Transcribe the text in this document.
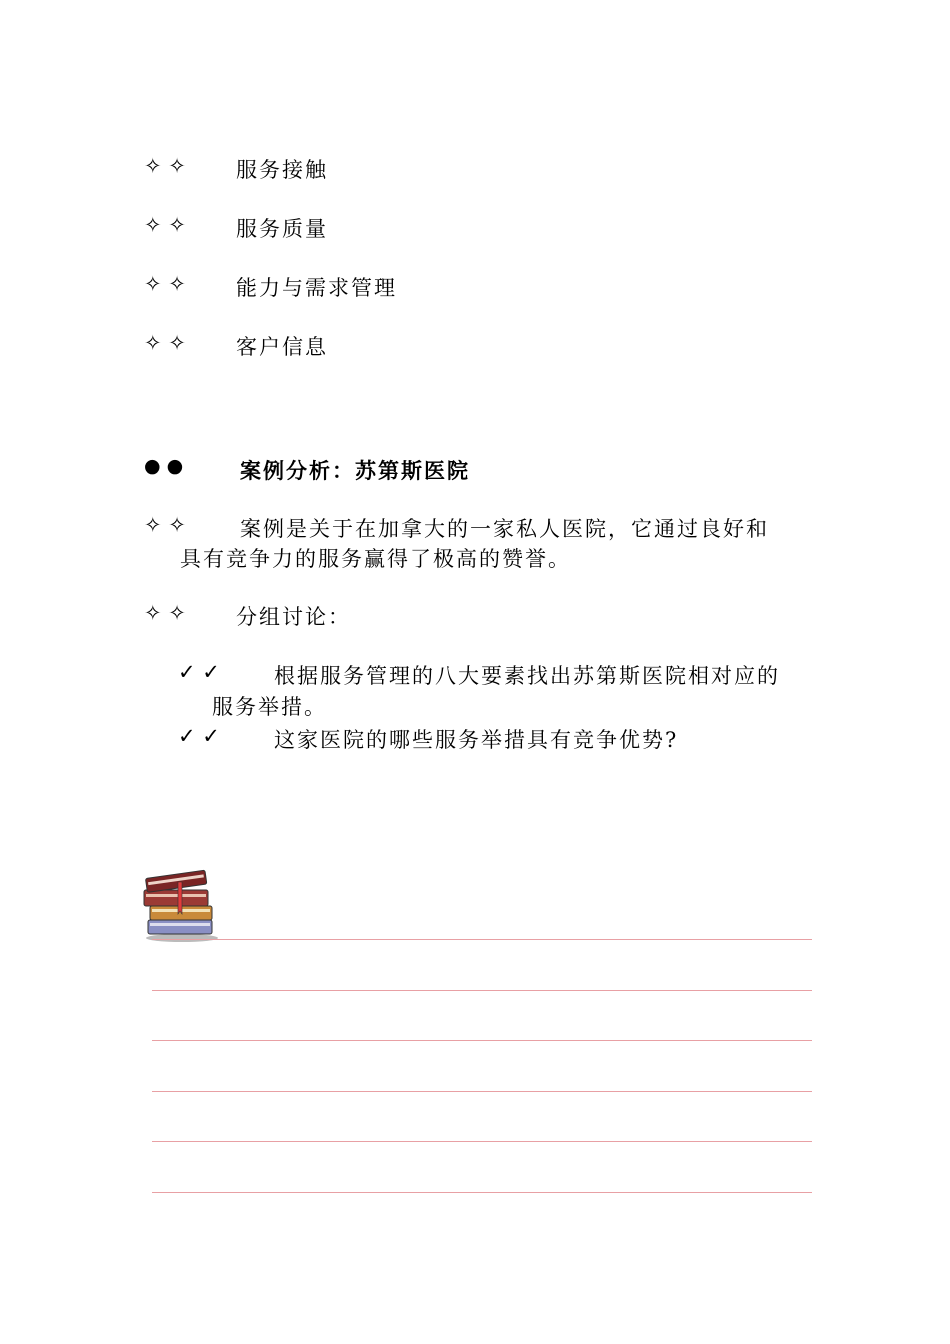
✧ ✧ 服务接触
✧ ✧ 服务质量
✧ ✧ 能力与需求管理
✧ ✧ 客户信息
● ●	案例分析：苏第斯医院
✧ ✧	案例是关于在加拿大的一家私人医院，它通过良好和
具有竞争力的服务赢得了极高的赞誉。
✧ ✧ 分组讨论：
✓ ✓	根据服务管理的八大要素找出苏第斯医院相对应的
服务举措。
✓ ✓	这家医院的哪些服务举措具有竞争优势?
